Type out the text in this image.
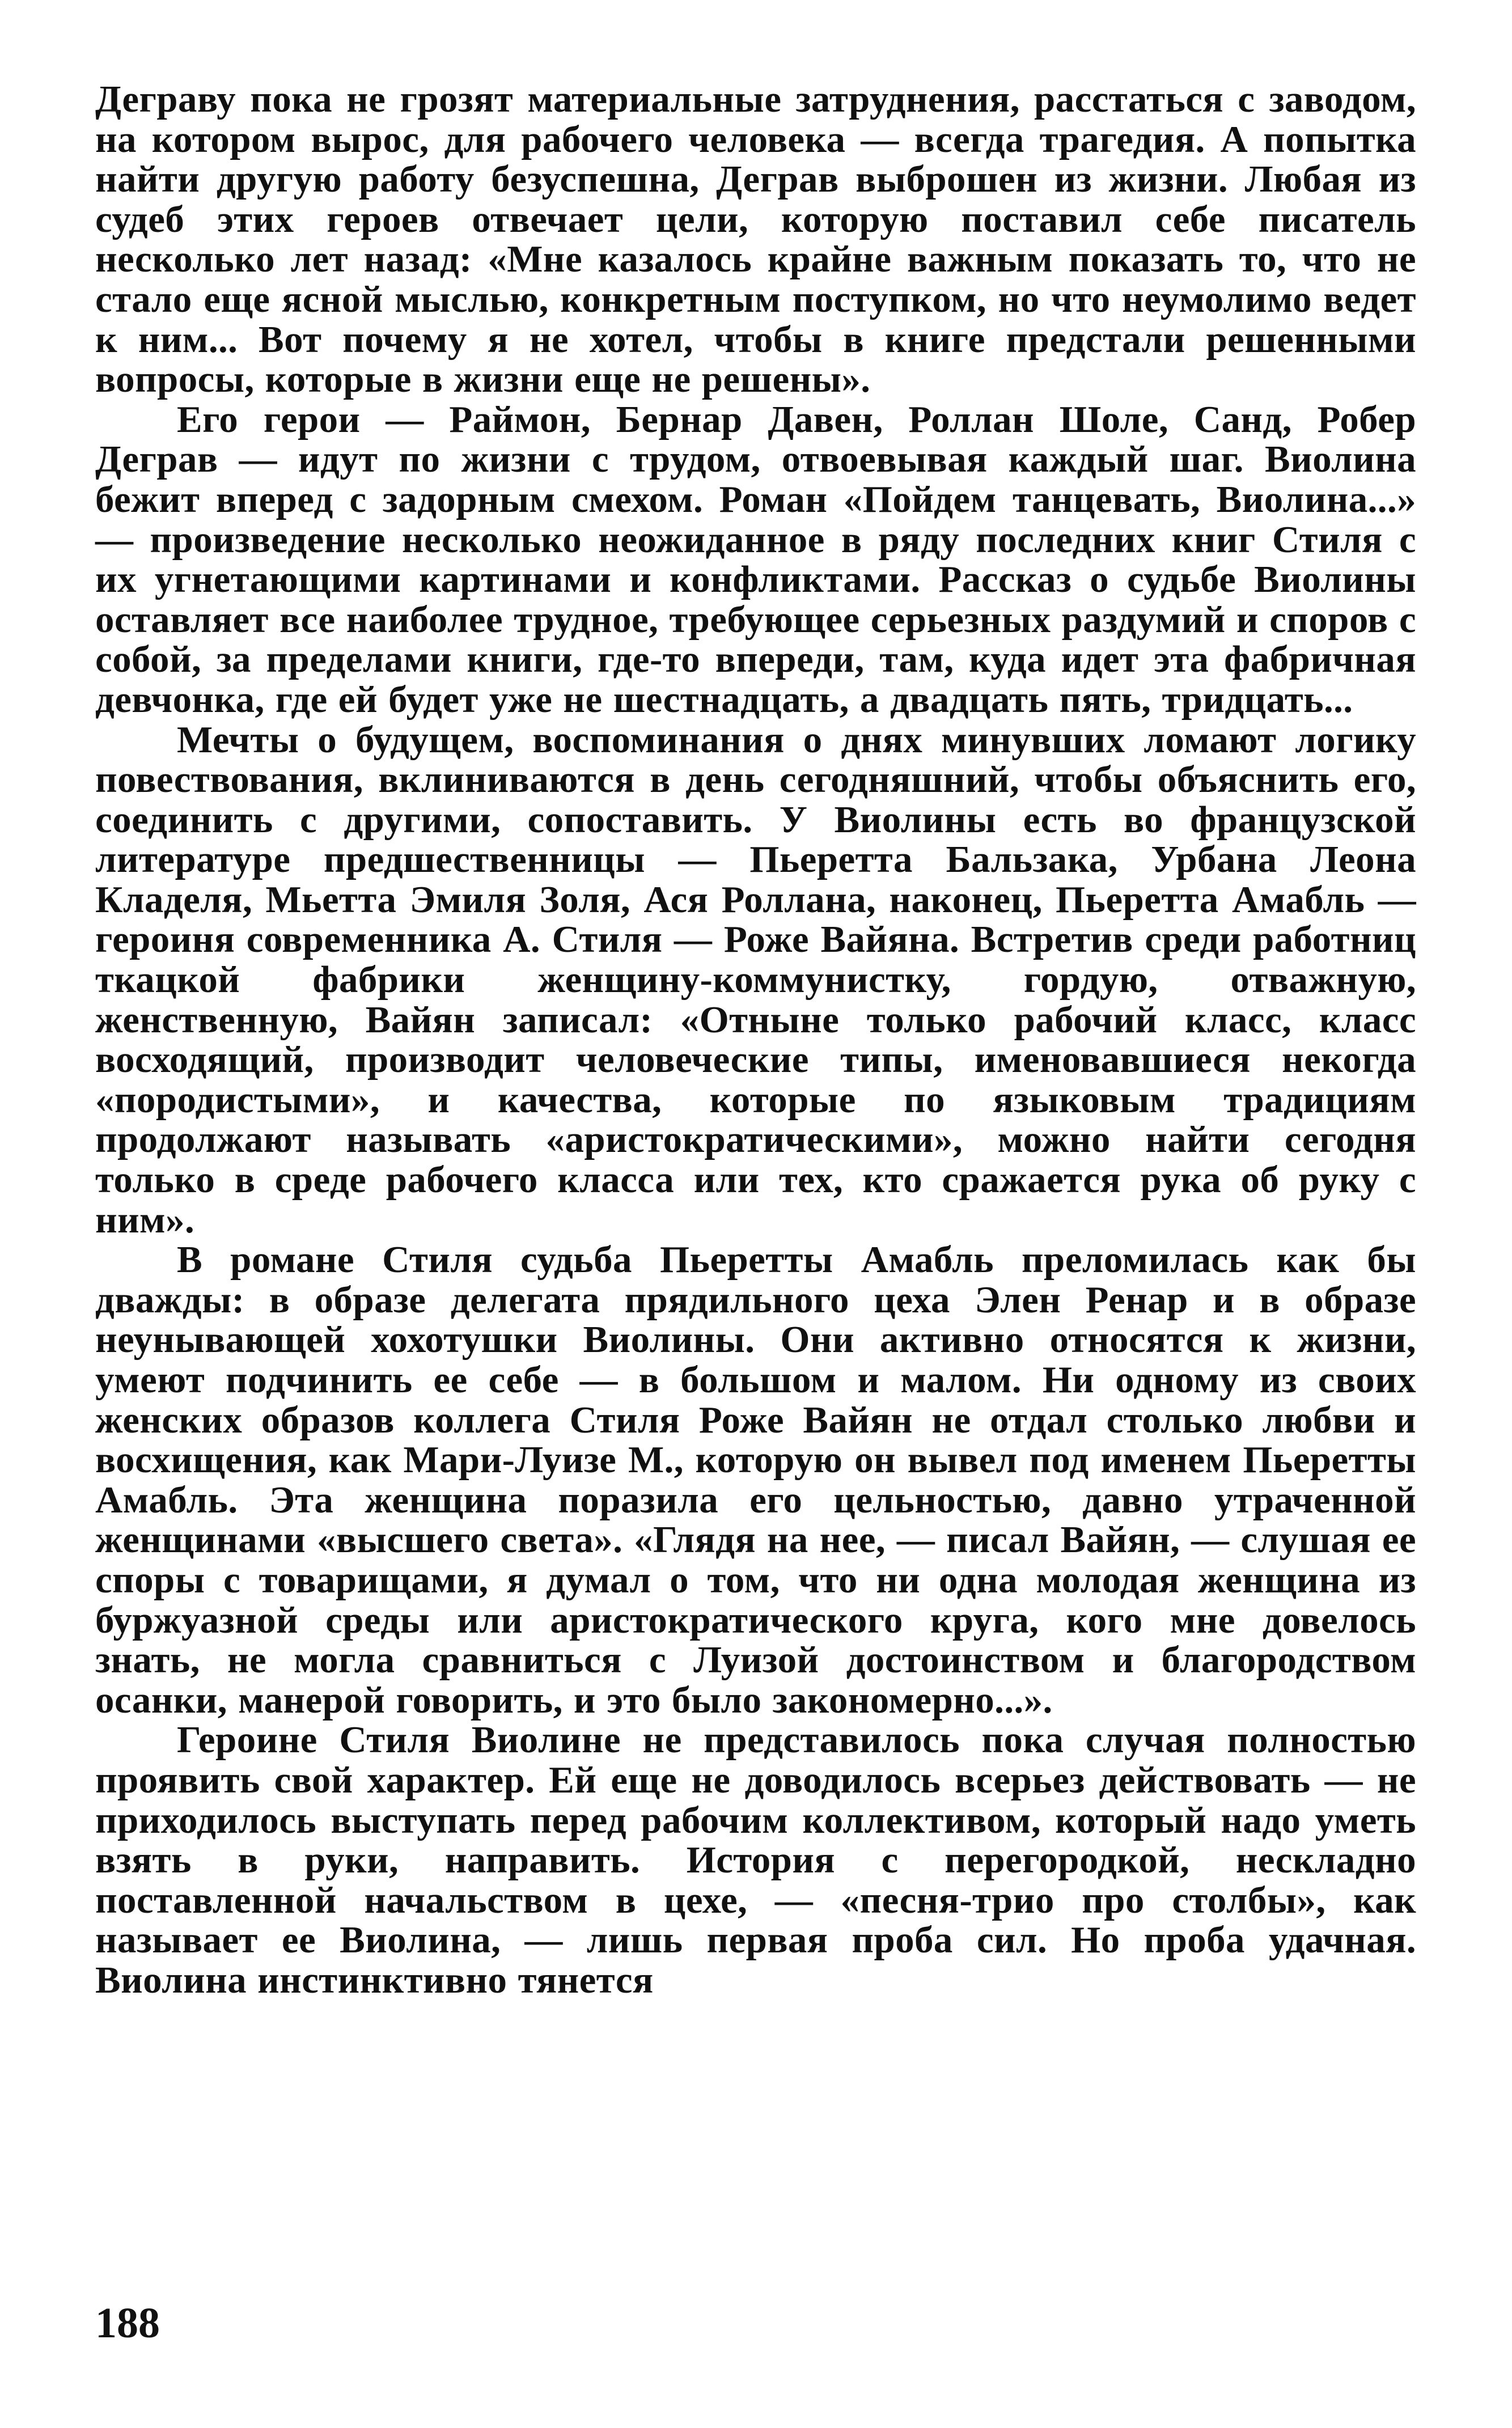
Деграву пока не грозят материальные затруднения, расстаться с заводом, на котором вырос, для рабочего человека — всегда трагедия. А попытка найти другую работу безуспешна, Деграв выброшен из жизни. Любая из судеб этих героев отвечает цели, которую поставил себе писатель несколько лет назад: «Мне казалось крайне важным показать то, что не стало еще ясной мыслью, конкретным поступком, но что неумолимо ведет к ним... Вот почему я не хотел, чтобы в книге предстали решенными вопросы, которые в жизни еще не решены».

Его герои — Раймон, Бернар Давен, Роллан Шоле, Санд, Робер Деграв — идут по жизни с трудом, отвоевывая каждый шаг. Виолина бежит вперед с задорным смехом. Роман «Пойдем танцевать, Виолина...» — произведение несколько неожиданное в ряду последних книг Стиля с их угнетающими картинами и конфликтами. Рассказ о судьбе Виолины оставляет все наиболее трудное, требующее серьезных раздумий и споров с собой, за пределами книги, где-то впереди, там, куда идет эта фабричная девчонка, где ей будет уже не шестнадцать, а двадцать пять, тридцать...

Мечты о будущем, воспоминания о днях минувших ломают логику повествования, вклиниваются в день сегодняшний, чтобы объяснить его, соединить с другими, сопоставить. У Виолины есть во французской литературе предшественницы — Пьеретта Бальзака, Урбана Леона Кладеля, Мьетта Эмиля Золя, Ася Роллана, наконец, Пьеретта Амабль — героиня современника А. Стиля — Роже Вайяна. Встретив среди работниц ткацкой фабрики женщину-коммунистку, гордую, отважную, женственную, Вайян записал: «Отныне только рабочий класс, класс восходящий, производит человеческие типы, именовавшиеся некогда «породистыми», и качества, которые по языковым традициям продолжают называть «аристократическими», можно найти сегодня только в среде рабочего класса или тех, кто сражается рука об руку с ним».

В романе Стиля судьба Пьеретты Амабль преломилась как бы дважды: в образе делегата прядильного цеха Элен Ренар и в образе неунывающей хохотушки Виолины. Они активно относятся к жизни, умеют подчинить ее себе — в большом и малом. Ни одному из своих женских образов коллега Стиля Роже Вайян не отдал столько любви и восхищения, как Мари-Луизе М., которую он вывел под именем Пьеретты Амабль. Эта женщина поразила его цельностью, давно утраченной женщинами «высшего света». «Глядя на нее, — писал Вайян, — слушая ее споры с товарищами, я думал о том, что ни одна молодая женщина из буржуазной среды или аристократического круга, кого мне довелось знать, не могла сравниться с Луизой достоинством и благородством осанки, манерой говорить, и это было закономерно...».

Героине Стиля Виолине не представилось пока случая полностью проявить свой характер. Ей еще не доводилось всерьез действовать — не приходилось выступать перед рабочим коллективом, который надо уметь взять в руки, направить. История с перегородкой, нескладно поставленной начальством в цехе, — «песня-трио про столбы», как называет ее Виолина, — лишь первая проба сил. Но проба удачная. Виолина инстинктивно тянется

188
